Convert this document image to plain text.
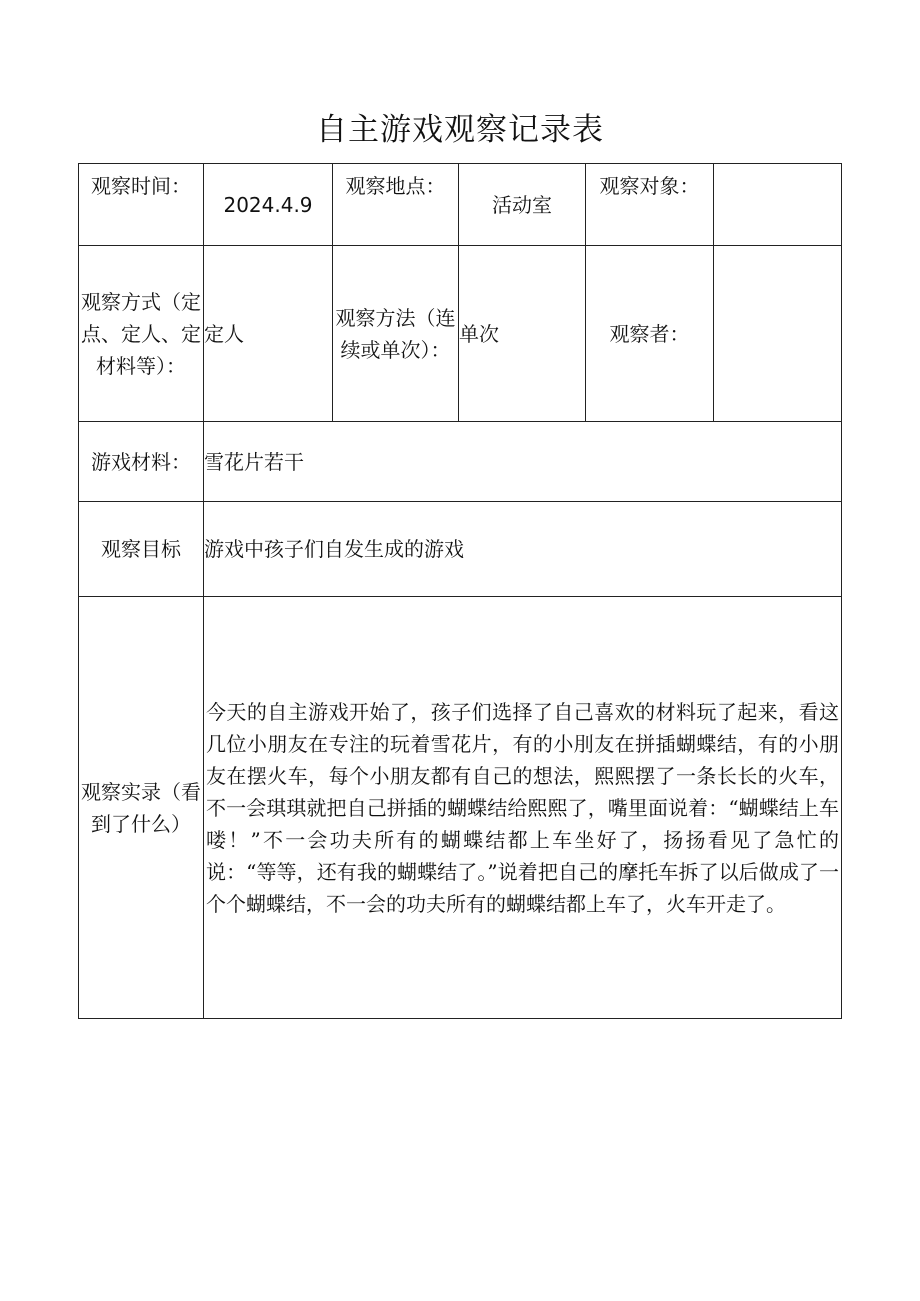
自主游戏观察记录表
观察时间：	2024.4.9	观察地点：	活动室	观察对象：	
观察方式（定点、定人、定材料等）：	定人	观察方法（连续或单次）：	单次	观察者：	
游戏材料：	雪花片若干				
观察目标	游戏中孩子们自发生成的游戏				
观察实录（看到了什么）	今天的自主游戏开始了，孩子们选择了自己喜欢的材料玩了起来，看这几位小朋友在专注的玩着雪花片，有的小刖友在拼插蝴蝶结，有的小朋友在摆火车，每个小朋友都有自己的想法，熙熙摆了一条长长的火车，不一会琪琪就把自己拼插的蝴蝶结给熙熙了，嘴里面说着：“蝴蝶结上车喽！”不一会功夫所有的蝴蝶结都上车坐好了，扬扬看见了急忙的说：“等等，还有我的蝴蝶结了。”说着把自己的摩托车拆了以后做成了一个个蝴蝶结，不一会的功夫所有的蝴蝶结都上车了，火车开走了。				
